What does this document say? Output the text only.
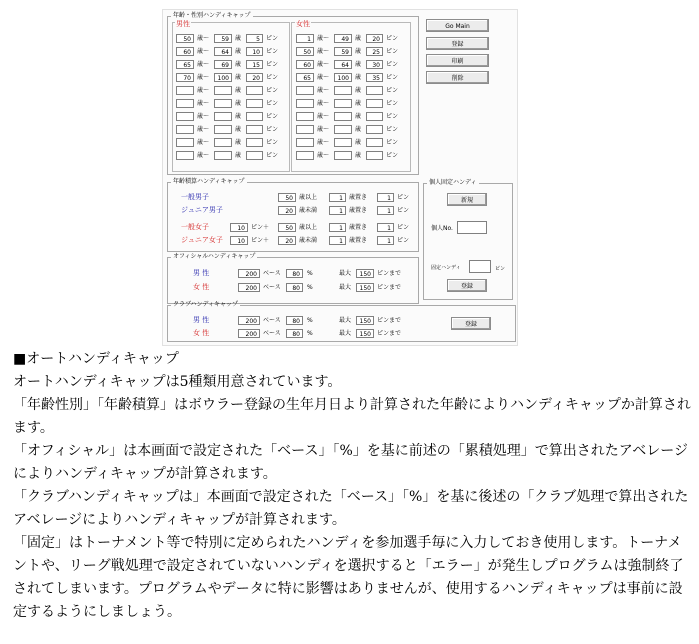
年齢・性別ハンディキャップ
男性	女性
50	歳〜	59	歳	5	ピン
60	歳〜	64	歳	10	ピン
65	歳〜	69	歳	15	ピン
70	歳〜	100	歳	20	ピン
歳〜	歳	ピン
歳〜	歳	ピン
歳〜	歳	ピン
歳〜	歳	ピン
歳〜	歳	ピン
歳〜	歳	ピン
1	歳〜	49	歳	20	ピン
50	歳〜	59	歳	25	ピン
60	歳〜	64	歳	30	ピン
65	歳〜	100	歳	35	ピン
歳〜	歳	ピン
歳〜	歳	ピン
歳〜	歳	ピン
歳〜	歳	ピン
歳〜	歳	ピン
歳〜	歳	ピン
Go Main
登録
印刷
削除
年齢積算ハンディキャップ
一般男子	50	歳以上	1	歳置き	1	ピン
ジュニア男子	20	歳未満	1	歳置き	1	ピン
一般女子	10	ピン＋	50	歳以上	1	歳置き	1	ピン
ジュニア女子	10	ピン＋	20	歳未満	1	歳置き	1	ピン
オフィシャルハンディキャップ
男 性	200	ベース	80	%	最大	150	ピンまで
女 性	200	ベース	80	%	最大	150	ピンまで
クラブハンディキャップ
男 性	200	ベース	80	%	最大	150	ピンまで
女 性	200	ベース	80	%	最大	150	ピンまで
登録
個人固定ハンディ
新規
個人No.
固定ハンディ	ピン
登録

■オートハンディキャップ

オートハンディキャップは5種類用意されています。

「年齢性別」「年齢積算」はボウラー登録の生年月日より計算された年齢によりハンディキャップか計算されます。

「オフィシャル」は本画面で設定された「ベース」「%」を基に前述の「累積処理」で算出されたアベレージによりハンディキャップが計算されます。

「クラブハンディキャップは」本画面で設定された「ベース」「%」を基に後述の「クラブ処理で算出されたアベレージによりハンディキャップが計算されます。

「固定」はトーナメント等で特別に定められたハンディを参加選手毎に入力しておき使用します。トーナメントや、リーグ戦処理で設定されていないハンディを選択すると「エラー」が発生しプログラムは強制終了されてしまいます。プログラムやデータに特に影響はありませんが、使用するハンディキャップは事前に設定するようにしましょう。
